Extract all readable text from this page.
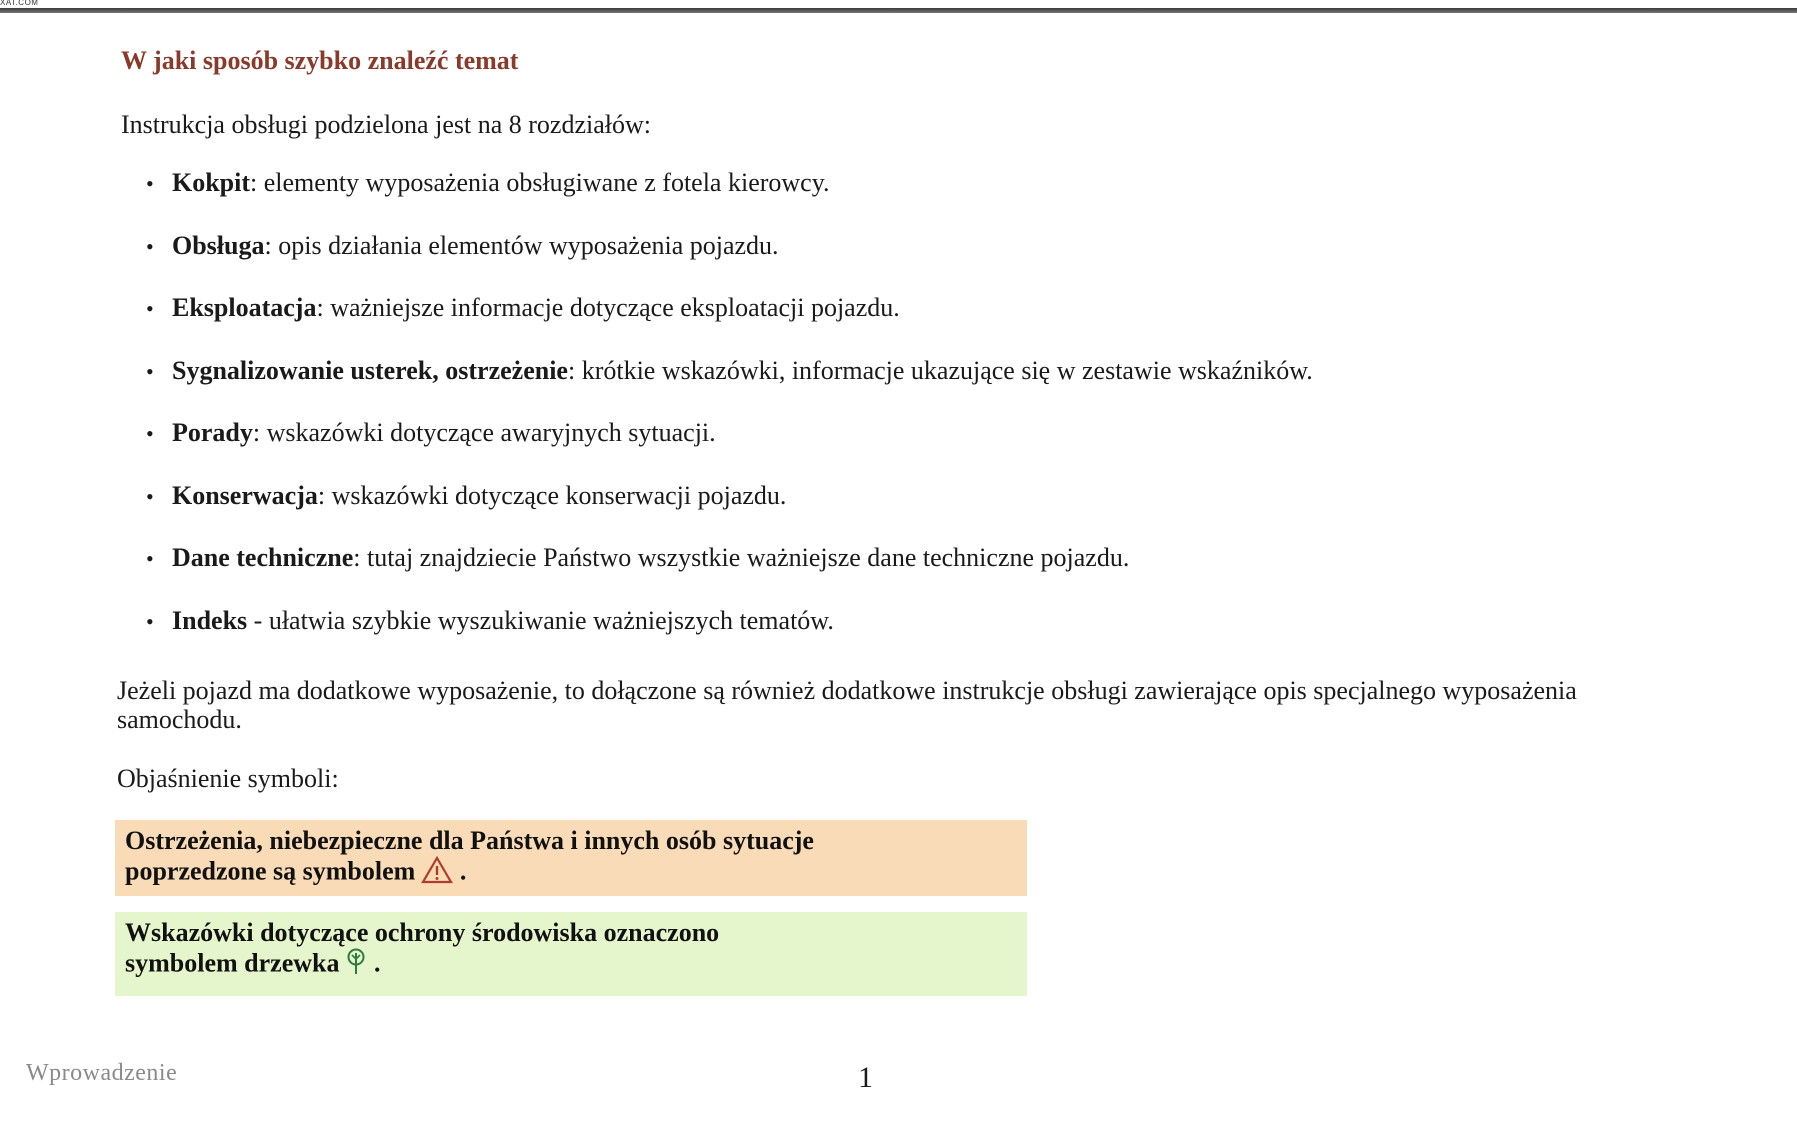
XAT.COM
W jaki sposób szybko znaleźć temat

Instrukcja obsługi podzielona jest na 8 rozdziałów:

• Kokpit: elementy wyposażenia obsługiwane z fotela kierowcy.
• Obsługa: opis działania elementów wyposażenia pojazdu.
• Eksploatacja: ważniejsze informacje dotyczące eksploatacji pojazdu.
• Sygnalizowanie usterek, ostrzeżenie: krótkie wskazówki, informacje ukazujące się w zestawie wskaźników.
• Porady: wskazówki dotyczące awaryjnych sytuacji.
• Konserwacja: wskazówki dotyczące konserwacji pojazdu.
• Dane techniczne: tutaj znajdziecie Państwo wszystkie ważniejsze dane techniczne pojazdu.
• Indeks - ułatwia szybkie wyszukiwanie ważniejszych tematów.

Jeżeli pojazd ma dodatkowe wyposażenie, to dołączone są również dodatkowe instrukcje obsługi zawierające opis specjalnego wyposażenia samochodu.

Objaśnienie symboli:

Ostrzeżenia, niebezpieczne dla Państwa i innych osób sytuacje
poprzedzone są symbolem .
Wskazówki dotyczące ochrony środowiska oznaczono
symbolem drzewka .

Wprowadzenie	1
